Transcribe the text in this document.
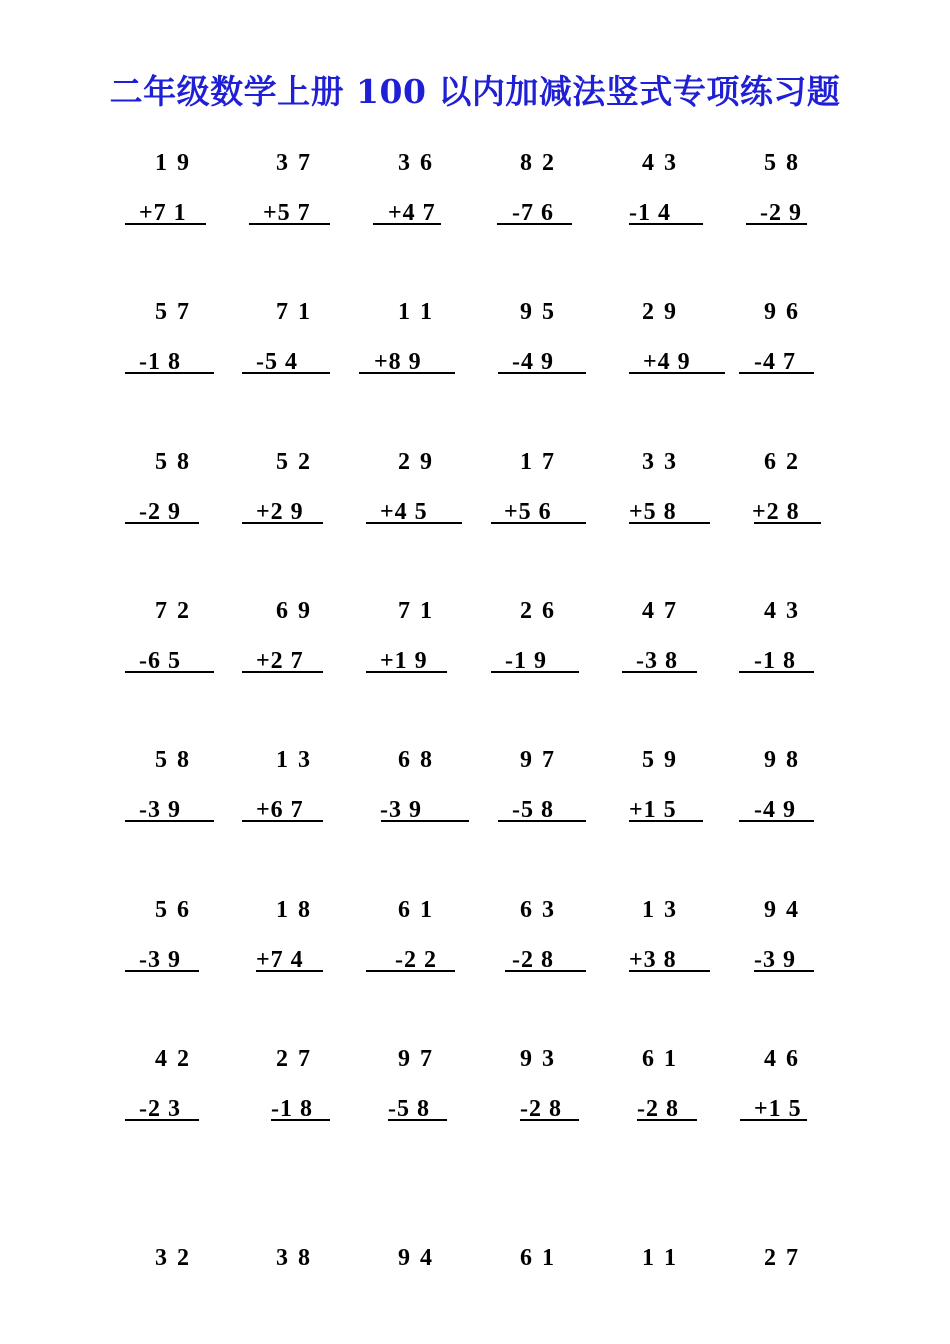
二年级数学上册 100 以内加减法竖式专项练习题
1 9
+7 1
3 7
+5 7
3 6
+4 7
8 2
-7 6
4 3
-1 4
5 8
-2 9
5 7
-1 8
7 1
-5 4
1 1
+8 9
9 5
-4 9
2 9
+4 9
9 6
-4 7
5 8
-2 9
5 2
+2 9
2 9
+4 5
1 7
+5 6
3 3
+5 8
6 2
+2 8
7 2
-6 5
6 9
+2 7
7 1
+1 9
2 6
-1 9
4 7
-3 8
4 3
-1 8
5 8
-3 9
1 3
+6 7
6 8
-3 9
9 7
-5 8
5 9
+1 5
9 8
-4 9
5 6
-3 9
1 8
+7 4
6 1
-2 2
6 3
-2 8
1 3
+3 8
9 4
-3 9
4 2
-2 3
2 7
-1 8
9 7
-5 8
9 3
-2 8
6 1
-2 8
4 6
+1 5
3 2	3 8	9 4	6 1	1 1	2 7
